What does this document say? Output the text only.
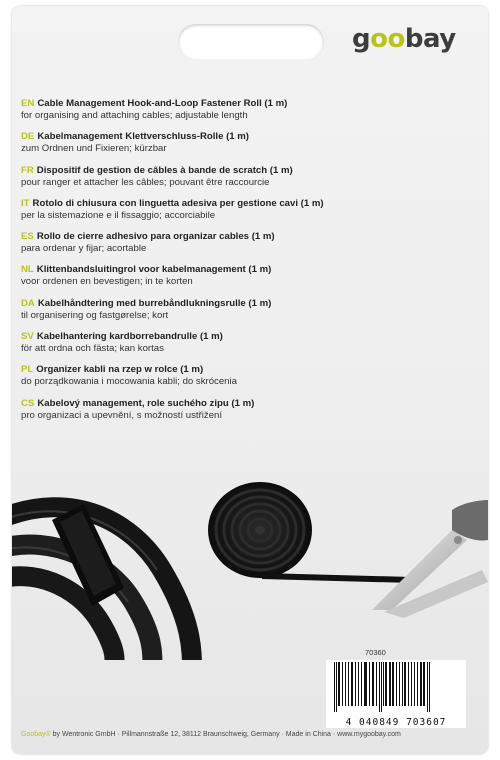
goobay
EN Cable Management Hook-and-Loop Fastener Roll (1 m)
for organising and attaching cables; adjustable length
DE Kabelmanagement Klettverschluss-Rolle (1 m)
zum Ordnen und Fixieren; kürzbar
FR Dispositif de gestion de câbles à bande de scratch (1 m)
pour ranger et attacher les câbles; pouvant être raccourcie
IT Rotolo di chiusura con linguetta adesiva per gestione cavi (1 m)
per la sistemazione e il fissaggio; accorciabile
ES Rollo de cierre adhesivo para organizar cables (1 m)
para ordenar y fijar; acortable
NL Klittenbandsluitingrol voor kabelmanagement (1 m)
voor ordenen en bevestigen; in te korten
DA Kabelhåndtering med burrebåndlukningsrulle (1 m)
til organisering og fastgørelse; kort
SV Kabelhantering kardborrebandrulle (1 m)
för att ordna och fästa; kan kortas
PL Organizer kabli na rzep w rolce (1 m)
do porządkowania i mocowania kabli; do skrócenia
CS Kabelový management, role suchého zipu (1 m)
pro organizaci a upevnění, s možností ustřižení
70360
4 040849 703607
Goobay® by Wentronic GmbH · Pillmannstraße 12, 38112 Braunschweig, Germany · Made in China · www.mygoobay.com
